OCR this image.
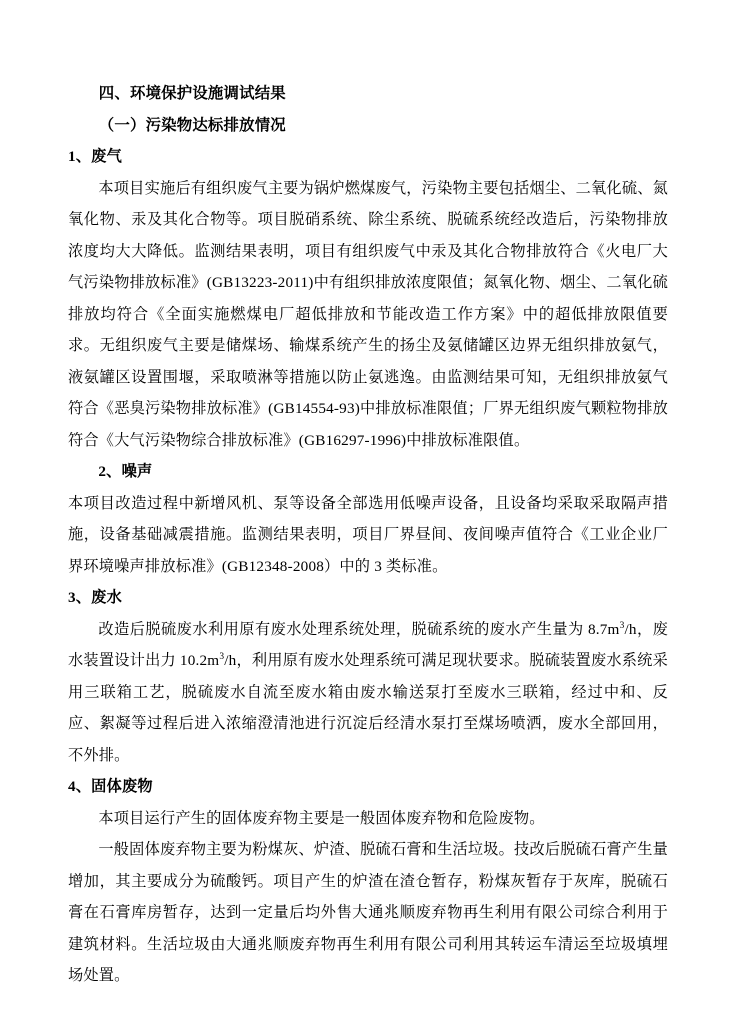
四、环境保护设施调试结果

（一）污染物达标排放情况

1、废气

本项目实施后有组织废气主要为锅炉燃煤废气，污染物主要包括烟尘、二氧化硫、氮氧化物、汞及其化合物等。项目脱硝系统、除尘系统、脱硫系统经改造后，污染物排放浓度均大大降低。监测结果表明，项目有组织废气中汞及其化合物排放符合《火电厂大气污染物排放标准》(GB13223-2011)中有组织排放浓度限值；氮氧化物、烟尘、二氧化硫排放均符合《全面实施燃煤电厂超低排放和节能改造工作方案》中的超低排放限值要求。无组织废气主要是储煤场、输煤系统产生的扬尘及氨储罐区边界无组织排放氨气，液氨罐区设置围堰，采取喷淋等措施以防止氨逃逸。由监测结果可知，无组织排放氨气符合《恶臭污染物排放标准》(GB14554-93)中排放标准限值；厂界无组织废气颗粒物排放符合《大气污染物综合排放标准》(GB16297-1996)中排放标准限值。

2、噪声

本项目改造过程中新增风机、泵等设备全部选用低噪声设备，且设备均采取采取隔声措施，设备基础减震措施。监测结果表明，项目厂界昼间、夜间噪声值符合《工业企业厂界环境噪声排放标准》(GB12348-2008）中的 3 类标准。

3、废水

改造后脱硫废水利用原有废水处理系统处理，脱硫系统的废水产生量为 $8.7m^3/h$，废水装置设计出力 $10.2m^3/h$，利用原有废水处理系统可满足现状要求。脱硫装置废水系统采用三联箱工艺，脱硫废水自流至废水箱由废水输送泵打至废水三联箱，经过中和、反应、絮凝等过程后进入浓缩澄清池进行沉淀后经清水泵打至煤场喷洒，废水全部回用，不外排。

4、固体废物

本项目运行产生的固体废弃物主要是一般固体废弃物和危险废物。

一般固体废弃物主要为粉煤灰、炉渣、脱硫石膏和生活垃圾。技改后脱硫石膏产生量增加，其主要成分为硫酸钙。项目产生的炉渣在渣仓暂存，粉煤灰暂存于灰库，脱硫石膏在石膏库房暂存，达到一定量后均外售大通兆顺废弃物再生利用有限公司综合利用于建筑材料。生活垃圾由大通兆顺废弃物再生利用有限公司利用其转运车清运至垃圾填埋场处置。
